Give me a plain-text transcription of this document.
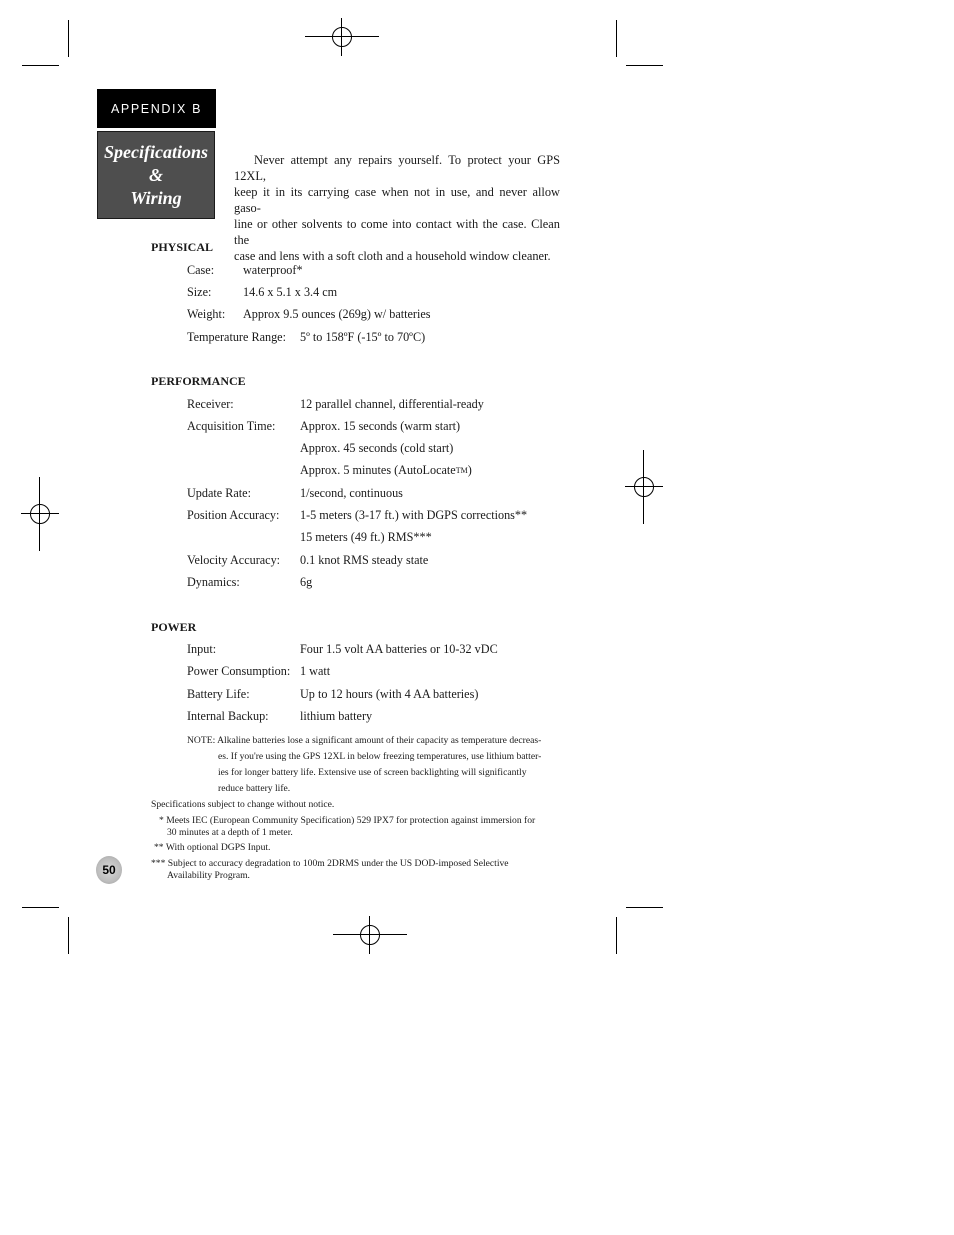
APPENDIX B
Specifications &
Wiring
Never attempt any repairs yourself. To protect your GPS 12XL,
keep it in its carrying case when not in use, and never allow gaso-
line or other solvents to come into contact with the case. Clean the
case and lens with a soft cloth and a household window cleaner.
PHYSICAL
Case: waterproof*
Size:	14.6 x 5.1 x 3.4 cm
Weight: Approx 9.5 ounces (269g) w/ batteries
Temperature Range: 5º to 158ºF (-15º to 70ºC)
PERFORMANCE
Receiver:	12 parallel channel, differential-ready
Acquisition Time: Approx. 15 seconds (warm start)
Approx. 45 seconds (cold start)
Approx. 5 minutes (AutoLocate™)
Update Rate:	1/second, continuous
Position Accuracy: 1-5 meters (3-17 ft.) with DGPS corrections**
15 meters (49 ft.) RMS***
Velocity Accuracy: 0.1 knot RMS steady state
Dynamics:	6g
POWER
Input:	Four 1.5 volt AA batteries or 10-32 vDC
Power Consumption: 1 watt
Battery Life:	Up to 12 hours (with 4 AA batteries)
Internal Backup:	lithium battery
NOTE: Alkaline batteries lose a significant amount of their capacity as temperature decreas-
es. If you're using the GPS 12XL in below freezing temperatures, use lithium batter-
ies for longer battery life. Extensive use of screen backlighting will significantly
reduce battery life.
Specifications subject to change without notice.
* Meets IEC (European Community Specification) 529 IPX7 for protection against immersion for
30 minutes at a depth of 1 meter.
** With optional DGPS Input.
*** Subject to accuracy degradation to 100m 2DRMS under the US DOD-imposed Selective
Availability Program.
50
